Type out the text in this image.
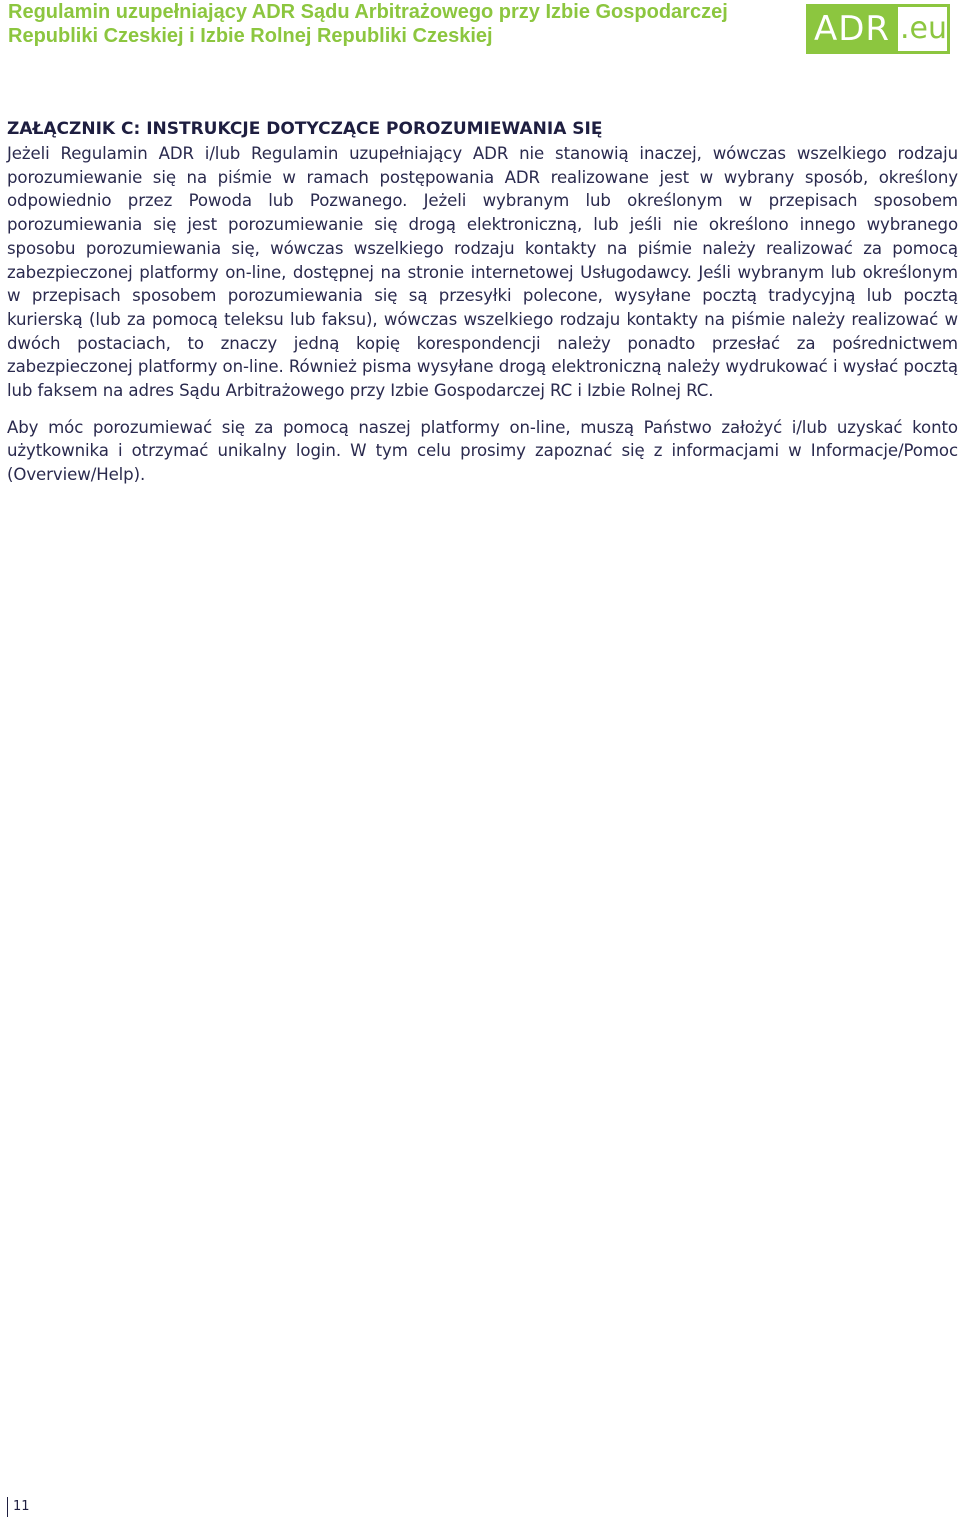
Regulamin uzupełniający ADR Sądu Arbitrażowego przy Izbie Gospodarczej
Republiki Czeskiej i Izbie Rolnej Republiki Czeskiej	ADR .eu
ZAŁĄCZNIK C: INSTRUKCJE DOTYCZĄCE POROZUMIEWANIA SIĘ

Jeżeli Regulamin ADR i/lub Regulamin uzupełniający ADR nie stanowią inaczej, wówczas wszelkiego rodzaju porozumiewanie się na piśmie w ramach postępowania ADR realizowane jest w wybrany sposób, określony odpowiednio przez Powoda lub Pozwanego. Jeżeli wybranym lub określonym w przepisach sposobem porozumiewania się jest porozumiewanie się drogą elektroniczną, lub jeśli nie określono innego wybranego sposobu porozumiewania się, wówczas wszelkiego rodzaju kontakty na piśmie należy realizować za pomocą zabezpieczonej platformy on-line, dostępnej na stronie internetowej Usługodawcy. Jeśli wybranym lub określonym w przepisach sposobem porozumiewania się są przesyłki polecone, wysyłane pocztą tradycyjną lub pocztą kurierską (lub za pomocą teleksu lub faksu), wówczas wszelkiego rodzaju kontakty na piśmie należy realizować w dwóch postaciach, to znaczy jedną kopię korespondencji należy ponadto przesłać za pośrednictwem zabezpieczonej platformy on-line. Również pisma wysyłane drogą elektroniczną należy wydrukować i wysłać pocztą lub faksem na adres Sądu Arbitrażowego przy Izbie Gospodarczej RC i Izbie Rolnej RC.

Aby móc porozumiewać się za pomocą naszej platformy on-line, muszą Państwo założyć i/lub uzyskać konto użytkownika i otrzymać unikalny login. W tym celu prosimy zapoznać się z informacjami w Informacje/Pomoc (Overview/Help).

11
